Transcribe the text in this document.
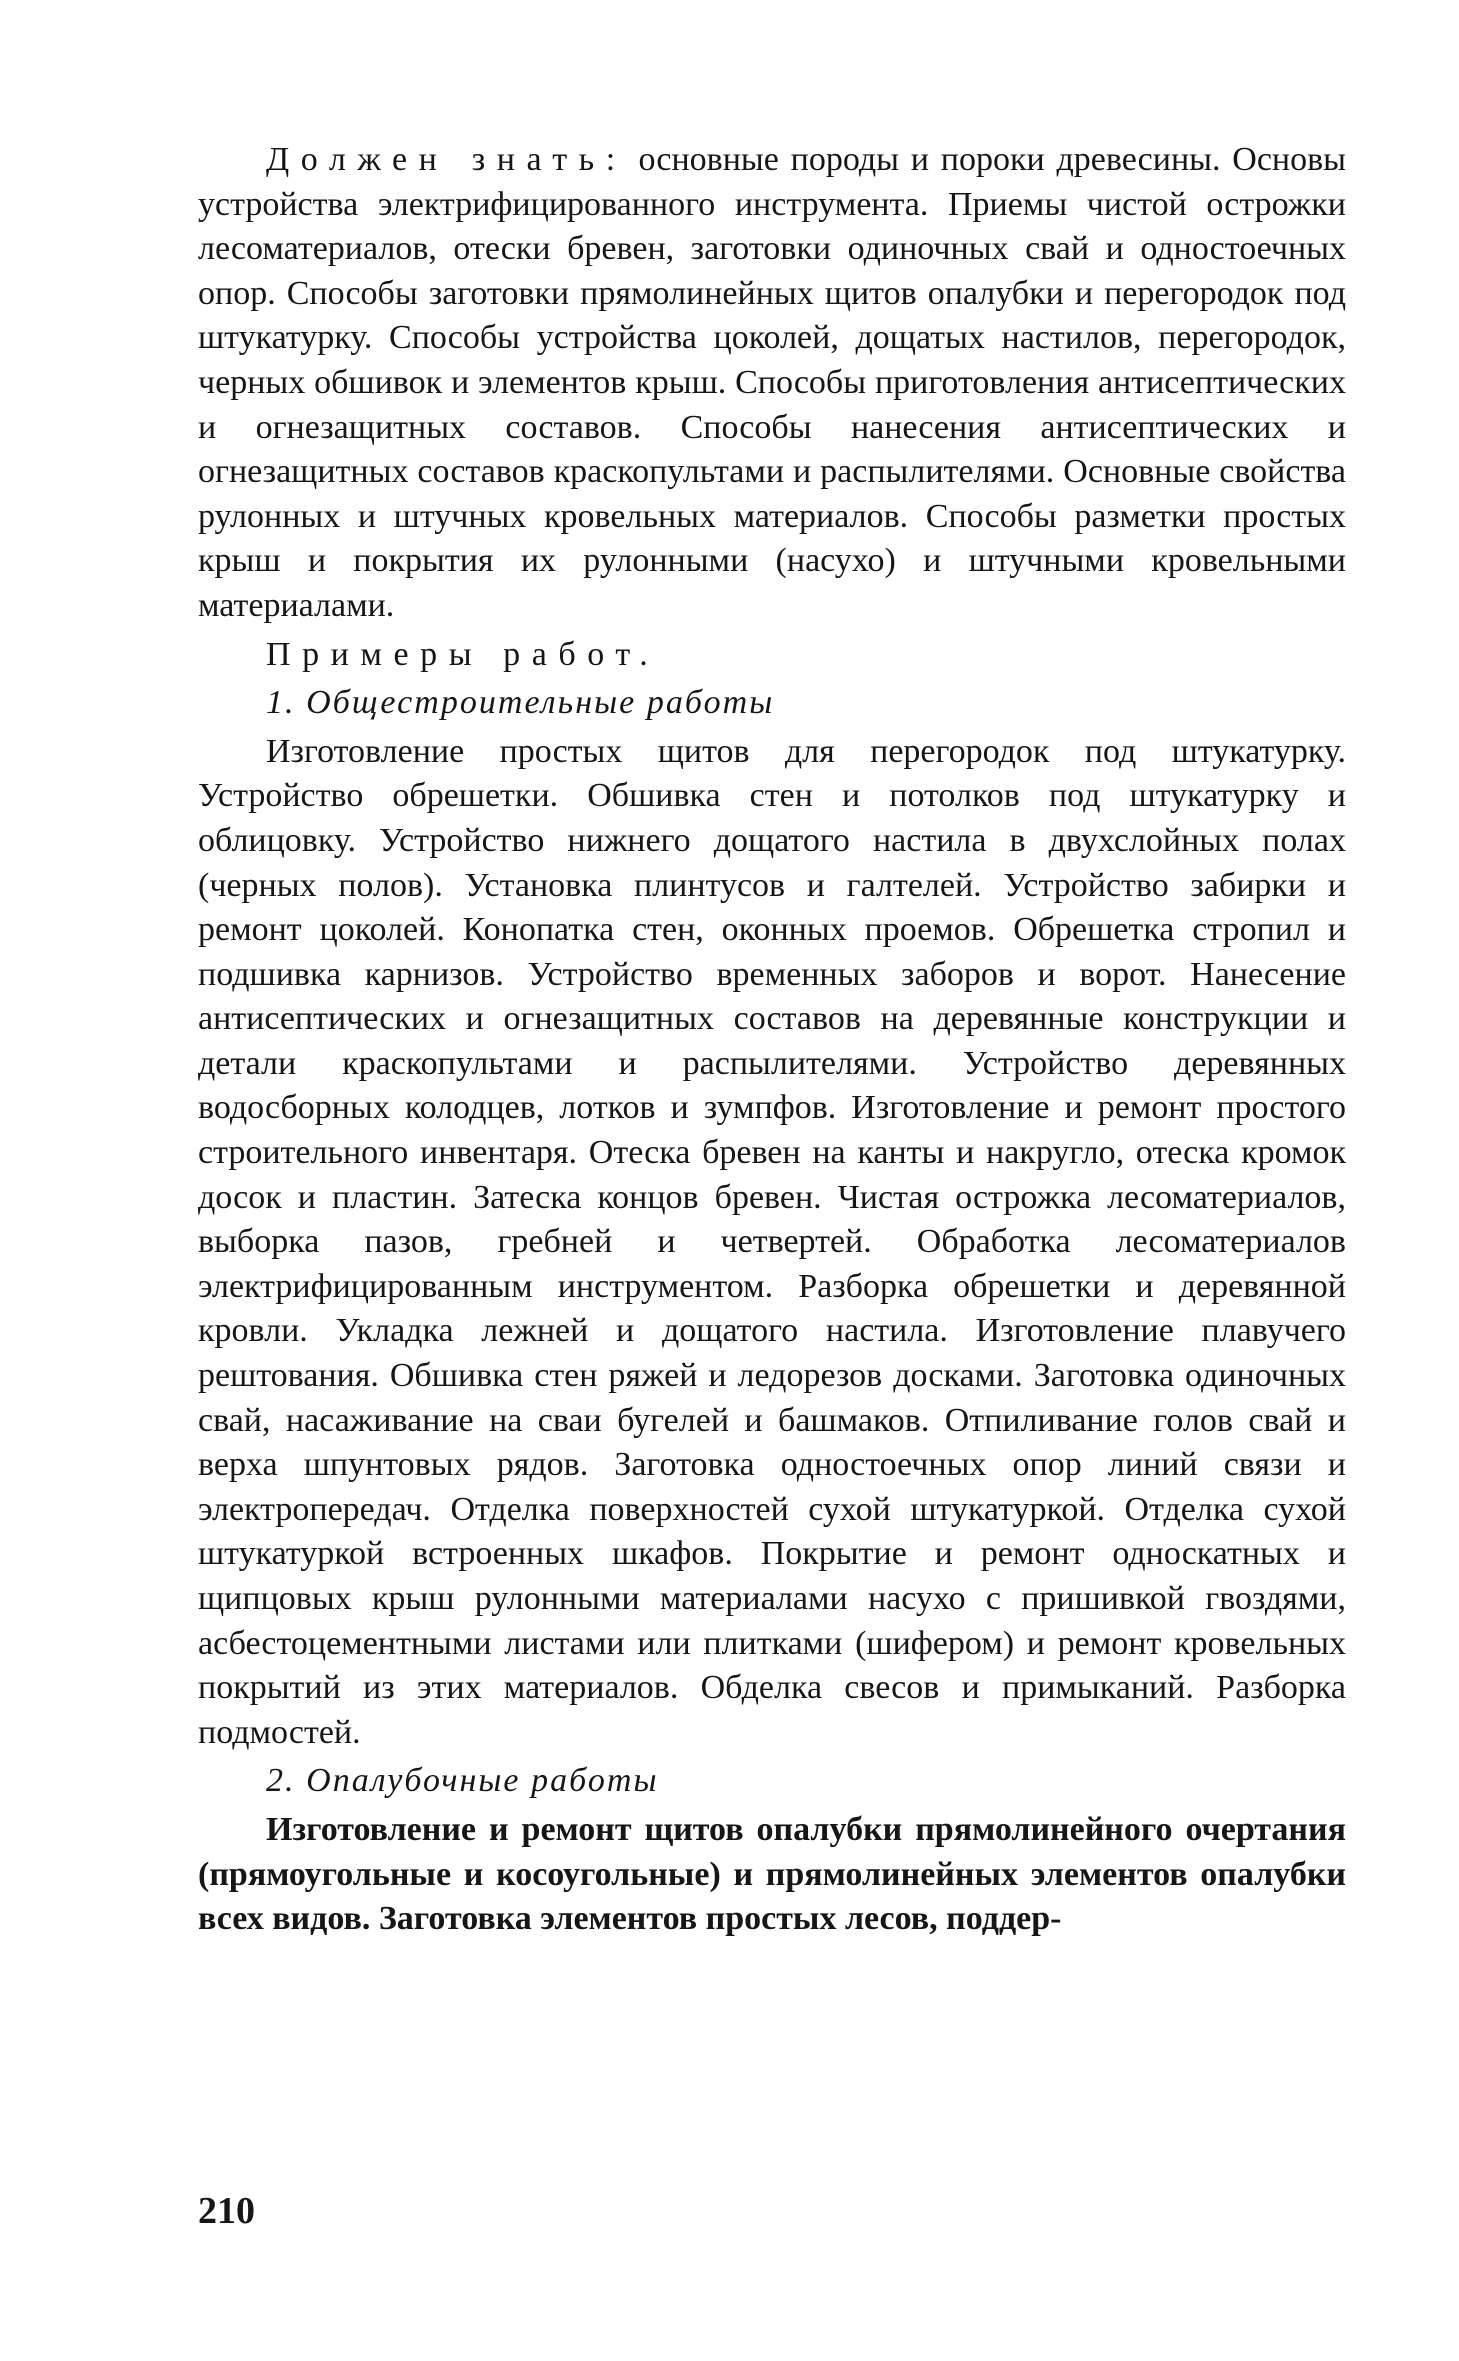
Должен знать: основные породы и пороки древесины. Основы устройства электрифицированного инструмента. Приемы чистой острожки лесоматериалов, отески бревен, заготовки одиночных свай и одностоечных опор. Способы заготовки прямолинейных щитов опалубки и перегородок под штукатурку. Способы устройства цоколей, дощатых настилов, перегородок, черных обшивок и элементов крыш. Способы приготовления антисептических и огнезащитных составов. Способы нанесения антисептических и огнезащитных составов краскопультами и распылителями. Основные свойства рулонных и штучных кровельных материалов. Способы разметки простых крыш и покрытия их рулонными (насухо) и штучными кровельными материалами.

Примеры работ.
1. Общестроительные работы

Изготовление простых щитов для перегородок под штукатурку. Устройство обрешетки. Обшивка стен и потолков под штукатурку и облицовку. Устройство нижнего дощатого настила в двухслойных полах (черных полов). Установка плинтусов и галтелей. Устройство забирки и ремонт цоколей. Конопатка стен, оконных проемов. Обрешетка стропил и подшивка карнизов. Устройство временных заборов и ворот. Нанесение антисептических и огнезащитных составов на деревянные конструкции и детали краскопультами и распылителями. Устройство деревянных водосборных колодцев, лотков и зумпфов. Изготовление и ремонт простого строительного инвентаря. Отеска бревен на канты и накругло, отеска кромок досок и пластин. Затеска концов бревен. Чистая острожка лесоматериалов, выборка пазов, гребней и четвертей. Обработка лесоматериалов электрифицированным инструментом. Разборка обрешетки и деревянной кровли. Укладка лежней и дощатого настила. Изготовление плавучего рештования. Обшивка стен ряжей и ледорезов досками. Заготовка одиночных свай, насаживание на сваи бугелей и башмаков. Отпиливание голов свай и верха шпунтовых рядов. Заготовка одностоечных опор линий связи и электропередач. Отделка поверхностей сухой штукатуркой. Отделка сухой штукатуркой встроенных шкафов. Покрытие и ремонт односкатных и щипцовых крыш рулонными материалами насухо с пришивкой гвоздями, асбестоцементными листами или плитками (шифером) и ремонт кровельных покрытий из этих материалов. Обделка свесов и примыканий. Разборка подмостей.

2. Опалубочные работы

Изготовление и ремонт щитов опалубки прямолинейного очертания (прямоугольные и косоугольные) и прямолинейных элементов опалубки всех видов. Заготовка элементов простых лесов, поддер-

210
